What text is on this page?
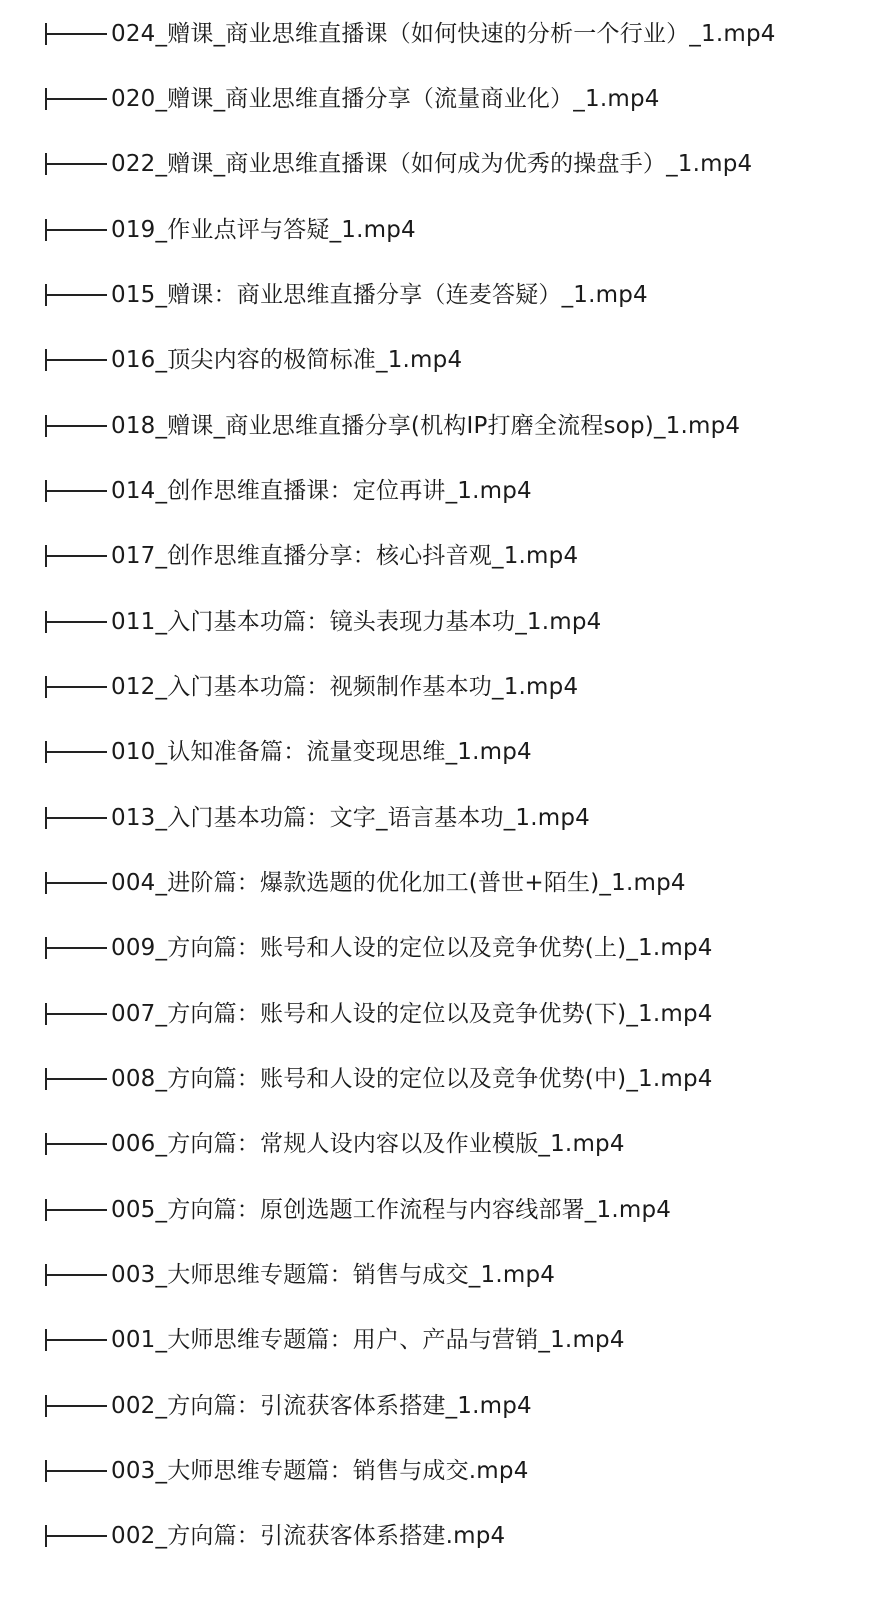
024_赠课_商业思维直播课（如何快速的分析一个行业）_1.mp4
020_赠课_商业思维直播分享（流量商业化）_1.mp4
022_赠课_商业思维直播课（如何成为优秀的操盘手）_1.mp4
019_作业点评与答疑_1.mp4
015_赠课：商业思维直播分享（连麦答疑）_1.mp4
016_顶尖内容的极简标准_1.mp4
018_赠课_商业思维直播分享(机构IP打磨全流程sop)_1.mp4
014_创作思维直播课：定位再讲_1.mp4
017_创作思维直播分享：核心抖音观_1.mp4
011_入门基本功篇：镜头表现力基本功_1.mp4
012_入门基本功篇：视频制作基本功_1.mp4
010_认知准备篇：流量变现思维_1.mp4
013_入门基本功篇：文字_语言基本功_1.mp4
004_进阶篇：爆款选题的优化加工(普世+陌生)_1.mp4
009_方向篇：账号和人设的定位以及竞争优势(上)_1.mp4
007_方向篇：账号和人设的定位以及竞争优势(下)_1.mp4
008_方向篇：账号和人设的定位以及竞争优势(中)_1.mp4
006_方向篇：常规人设内容以及作业模版_1.mp4
005_方向篇：原创选题工作流程与内容线部署_1.mp4
003_大师思维专题篇：销售与成交_1.mp4
001_大师思维专题篇：用户、产品与营销_1.mp4
002_方向篇：引流获客体系搭建_1.mp4
003_大师思维专题篇：销售与成交.mp4
002_方向篇：引流获客体系搭建.mp4
